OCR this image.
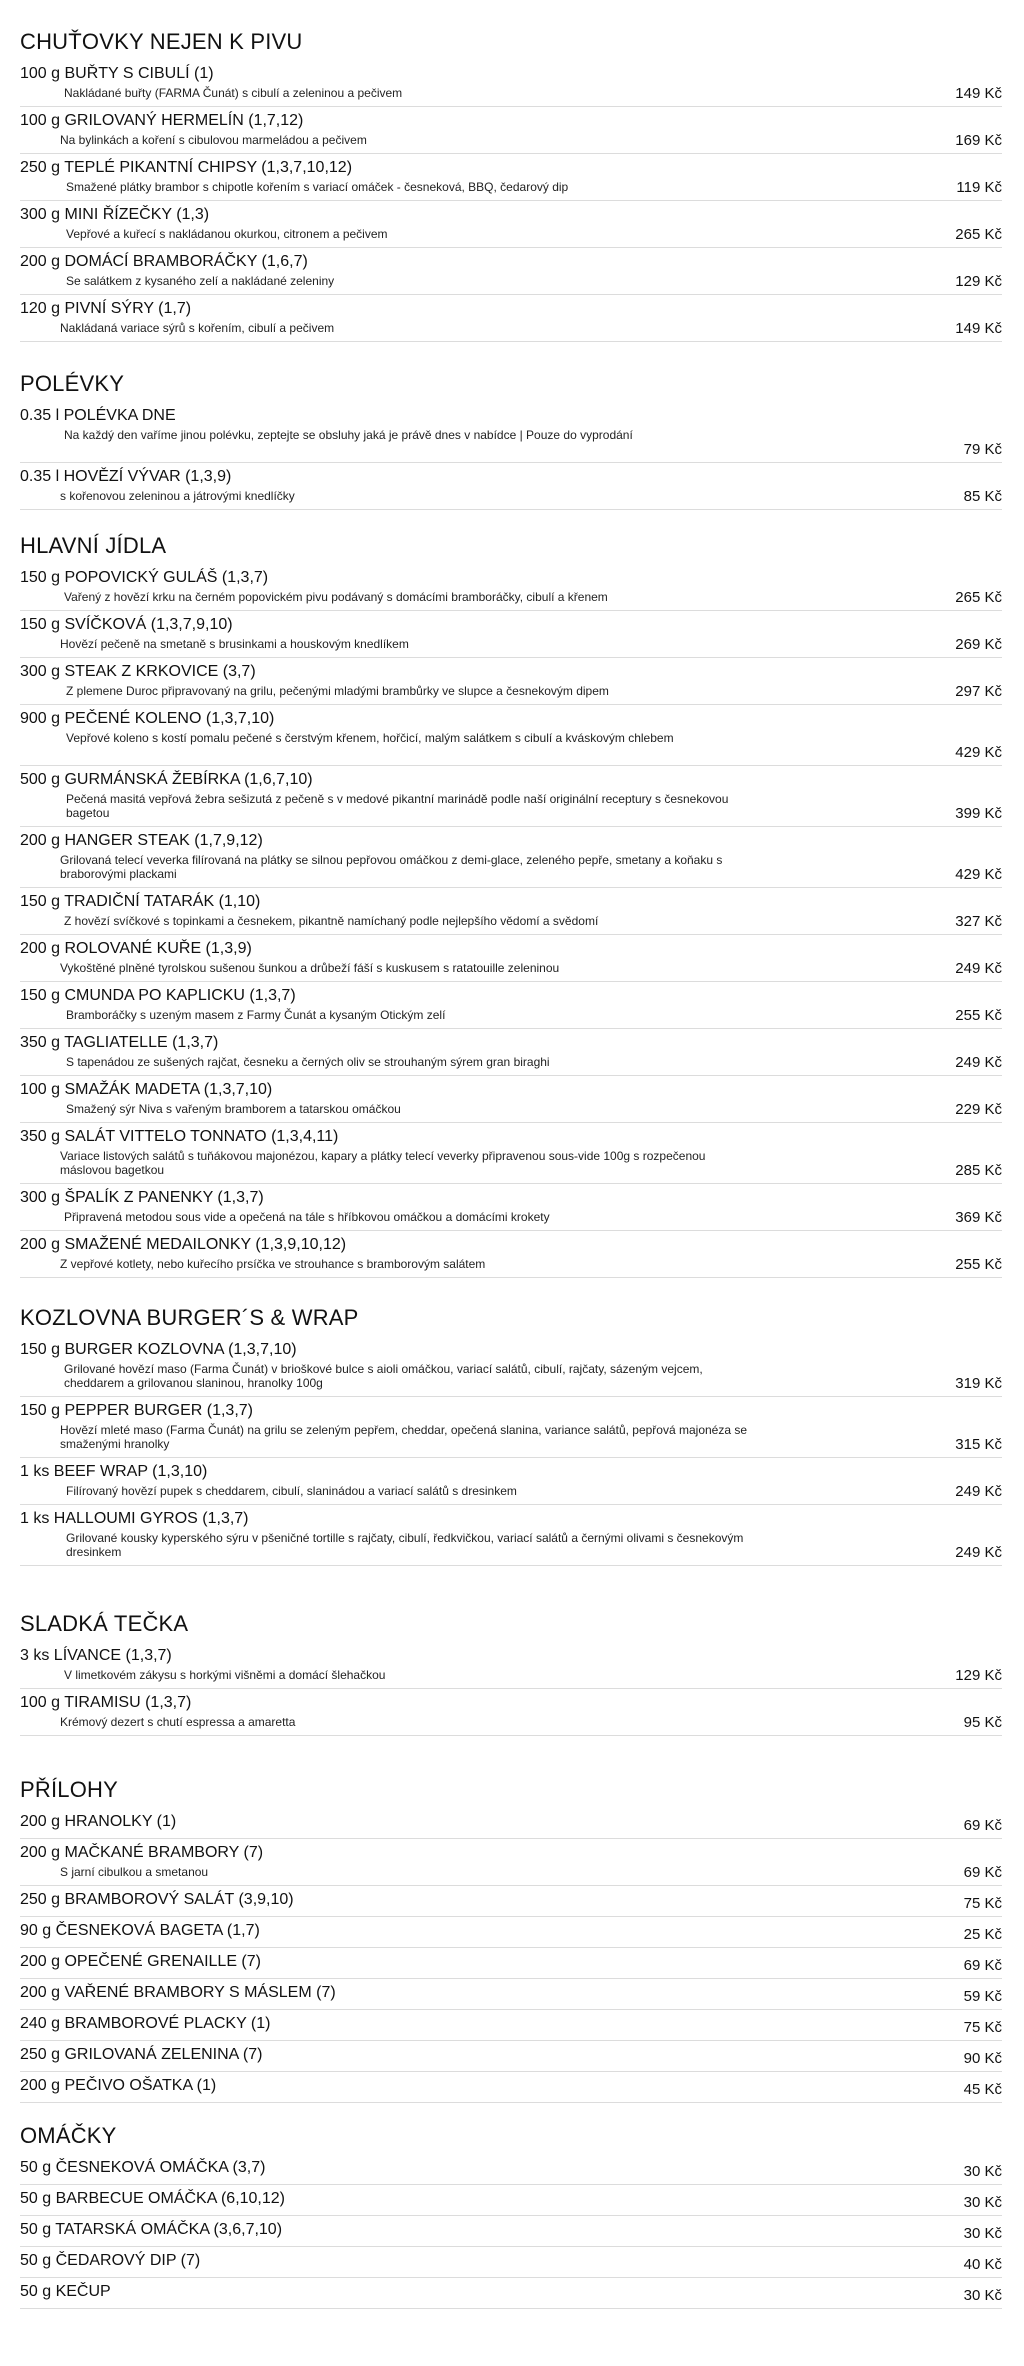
CHUŤOVKY NEJEN K PIVU
100 g BUŘTY S CIBULÍ (1)
Nakládané buřty (FARMA Čunát) s cibulí a zeleninou a pečivem	149 Kč
100 g GRILOVANÝ HERMELÍN (1,7,12)
Na bylinkách a koření s cibulovou marmeládou a pečivem	169 Kč
250 g TEPLÉ PIKANTNÍ CHIPSY (1,3,7,10,12)
Smažené plátky brambor s chipotle kořením s variací omáček - česneková, BBQ, čedarový dip	119 Kč
300 g MINI ŘÍZEČKY (1,3)
Vepřové a kuřecí s nakládanou okurkou, citronem a pečivem	265 Kč
200 g DOMÁCÍ BRAMBORÁČKY (1,6,7)
Se salátkem z kysaného zelí a nakládané zeleniny	129 Kč
120 g PIVNÍ SÝRY (1,7)
Nakládaná variace sýrů s kořením, cibulí a pečivem	149 Kč
POLÉVKY
0.35 l POLÉVKA DNE
Na každý den vaříme jinou polévku, zeptejte se obsluhy jaká je právě dnes v nabídce | Pouze do vyprodání
79 Kč
0.35 l HOVĚZÍ VÝVAR (1,3,9)
s kořenovou zeleninou a játrovými knedlíčky	85 Kč
HLAVNÍ JÍDLA
150 g POPOVICKÝ GULÁŠ (1,3,7)
Vařený z hovězí krku na černém popovickém pivu podávaný s domácími bramboráčky, cibulí a křenem	265 Kč
150 g SVÍČKOVÁ (1,3,7,9,10)
Hovězí pečeně na smetaně s brusinkami a houskovým knedlíkem	269 Kč
300 g STEAK Z KRKOVICE (3,7)
Z plemene Duroc připravovaný na grilu, pečenými mladými brambůrky ve slupce a česnekovým dipem	297 Kč
900 g PEČENÉ KOLENO (1,3,7,10)
Vepřové koleno s kostí pomalu pečené s čerstvým křenem, hořčicí, malým salátkem s cibulí a kváskovým chlebem
429 Kč
500 g GURMÁNSKÁ ŽEBÍRKA (1,6,7,10)
Pečená masitá vepřová žebra sešizutá z pečeně s v medové pikantní marinádě podle naší originální receptury s česnekovou bagetou	399 Kč
200 g HANGER STEAK (1,7,9,12)
Grilovaná telecí veverka filírovaná na plátky se silnou pepřovou omáčkou z demi-glace, zeleného pepře, smetany a koňaku s braborovými plackami	429 Kč
150 g TRADIČNÍ TATARÁK (1,10)
Z hovězí svíčkové s topinkami a česnekem, pikantně namíchaný podle nejlepšího vědomí a svědomí	327 Kč
200 g ROLOVANÉ KUŘE (1,3,9)
Vykoštěné plněné tyrolskou sušenou šunkou a drůbeží fáší s kuskusem s ratatouille zeleninou	249 Kč
150 g CMUNDA PO KAPLICKU (1,3,7)
Bramboráčky s uzeným masem z Farmy Čunát a kysaným Otickým zelí	255 Kč
350 g TAGLIATELLE (1,3,7)
S tapenádou ze sušených rajčat, česneku a černých oliv se strouhaným sýrem gran biraghi	249 Kč
100 g SMAŽÁK MADETA (1,3,7,10)
Smažený sýr Niva s vařeným bramborem a tatarskou omáčkou	229 Kč
350 g SALÁT VITTELO TONNATO (1,3,4,11)
Variace listových salátů s tuňákovou majonézou, kapary a plátky telecí veverky připravenou sous-vide 100g s rozpečenou máslovou bagetkou	285 Kč
300 g ŠPALÍK Z PANENKY (1,3,7)
Připravená metodou sous vide a opečená na tále s hříbkovou omáčkou a domácími krokety	369 Kč
200 g SMAŽENÉ MEDAILONKY (1,3,9,10,12)
Z vepřové kotlety, nebo kuřecího prsíčka ve strouhance s bramborovým salátem	255 Kč
KOZLOVNA BURGER´S & WRAP
150 g BURGER KOZLOVNA (1,3,7,10)
Grilované hovězí maso (Farma Čunát) v brioškové bulce s aioli omáčkou, variací salátů, cibulí, rajčaty, sázeným vejcem, cheddarem a grilovanou slaninou, hranolky 100g	319 Kč
150 g PEPPER BURGER (1,3,7)
Hovězí mleté maso (Farma Čunát) na grilu se zeleným pepřem, cheddar, opečená slanina, variance salátů, pepřová majonéza se smaženými hranolky	315 Kč
1 ks BEEF WRAP (1,3,10)
Filírovaný hovězí pupek s cheddarem, cibulí, slaninádou a variací salátů s dresinkem	249 Kč
1 ks HALLOUMI GYROS (1,3,7)
Grilované kousky kyperského sýru v pšeničné tortille s rajčaty, cibulí, ředkvičkou, variací salátů a černými olivami s česnekovým dresinkem	249 Kč
SLADKÁ TEČKA
3 ks LÍVANCE (1,3,7)
V limetkovém zákysu s horkými višněmi a domácí šlehačkou	129 Kč
100 g TIRAMISU (1,3,7)
Krémový dezert s chutí espressa a amaretta	95 Kč
PŘÍLOHY
200 g HRANOLKY (1)	69 Kč
200 g MAČKANÉ BRAMBORY (7)
S jarní cibulkou a smetanou	69 Kč
250 g BRAMBOROVÝ SALÁT (3,9,10)	75 Kč
90 g ČESNEKOVÁ BAGETA (1,7)	25 Kč
200 g OPEČENÉ GRENAILLE (7)	69 Kč
200 g VAŘENÉ BRAMBORY S MÁSLEM (7)	59 Kč
240 g BRAMBOROVÉ PLACKY (1)	75 Kč
250 g GRILOVANÁ ZELENINA (7)	90 Kč
200 g PEČIVO OŠATKA (1)	45 Kč
OMÁČKY
50 g ČESNEKOVÁ OMÁČKA (3,7)	30 Kč
50 g BARBECUE OMÁČKA (6,10,12)	30 Kč
50 g TATARSKÁ OMÁČKA (3,6,7,10)	30 Kč
50 g ČEDAROVÝ DIP (7)	40 Kč
50 g KEČUP	30 Kč
